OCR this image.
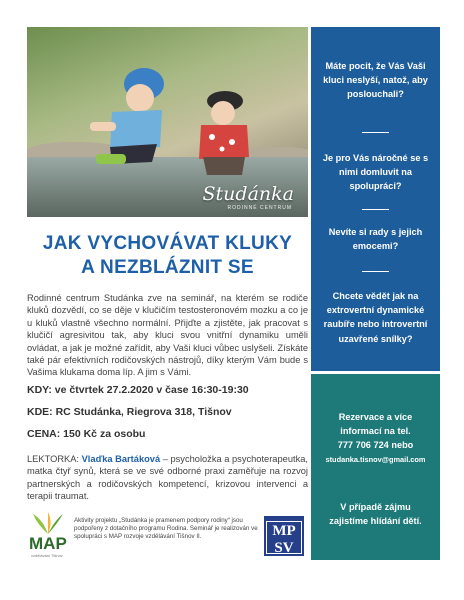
Studánka
RODINNÉ CENTRUM
JAK VYCHOVÁVAT KLUKY
A NEZBLÁZNIT SE

Rodinné centrum Studánka zve na seminář, na kterém se rodiče kluků dozvědí, co se děje v klučičím testosteronovém mozku a co je u kluků vlastně všechno normální. Přijďte a zjistěte, jak pracovat s klučičí agresivitou tak, aby kluci svou vnitřní dynamiku uměli ovládat, a jak je možné zařídit, aby Vaši kluci vůbec uslyšeli. Získáte také pár efektivních rodičovských nástrojů, díky kterým Vám bude s Vašima klukama doma líp. A jim s Vámi.

KDY: ve čtvrtek 27.2.2020 v čase 16:30-19:30
KDE: RC Studánka, Riegrova 318, Tišnov
CENA: 150 Kč za osobu

LEKTORKA: Vlaďka Bartáková – psycholožka a psychoterapeutka, matka čtyř synů, která se ve své odborné praxi zaměřuje na rozvoj partnerských a rodičovských kompetencí, krizovou intervenci a terapii traumat.

MAP
vzdělávání Tišnov
Aktivity projektu „Studánka je pramenem podpory rodiny“ jsou podpořeny z dotačního programu Rodina. Seminář je realizován ve spolupráci s MAP rozvoje vzdělávání Tišnov II.	MP
SV
Máte pocit, že Vás Vaši kluci neslyší, natož, aby poslouchali?
Je pro Vás náročné se s nimi domluvit na spolupráci?
Nevíte si rady s jejich emocemi?
Chcete vědět jak na extrovertní dynamické raubíře nebo introvertní uzavřené snílky?
Rezervace a více
informací na tel.
777 706 724 nebo
studanka.tisnov@gmail.com
V případě zájmu zajistíme hlídání dětí.
